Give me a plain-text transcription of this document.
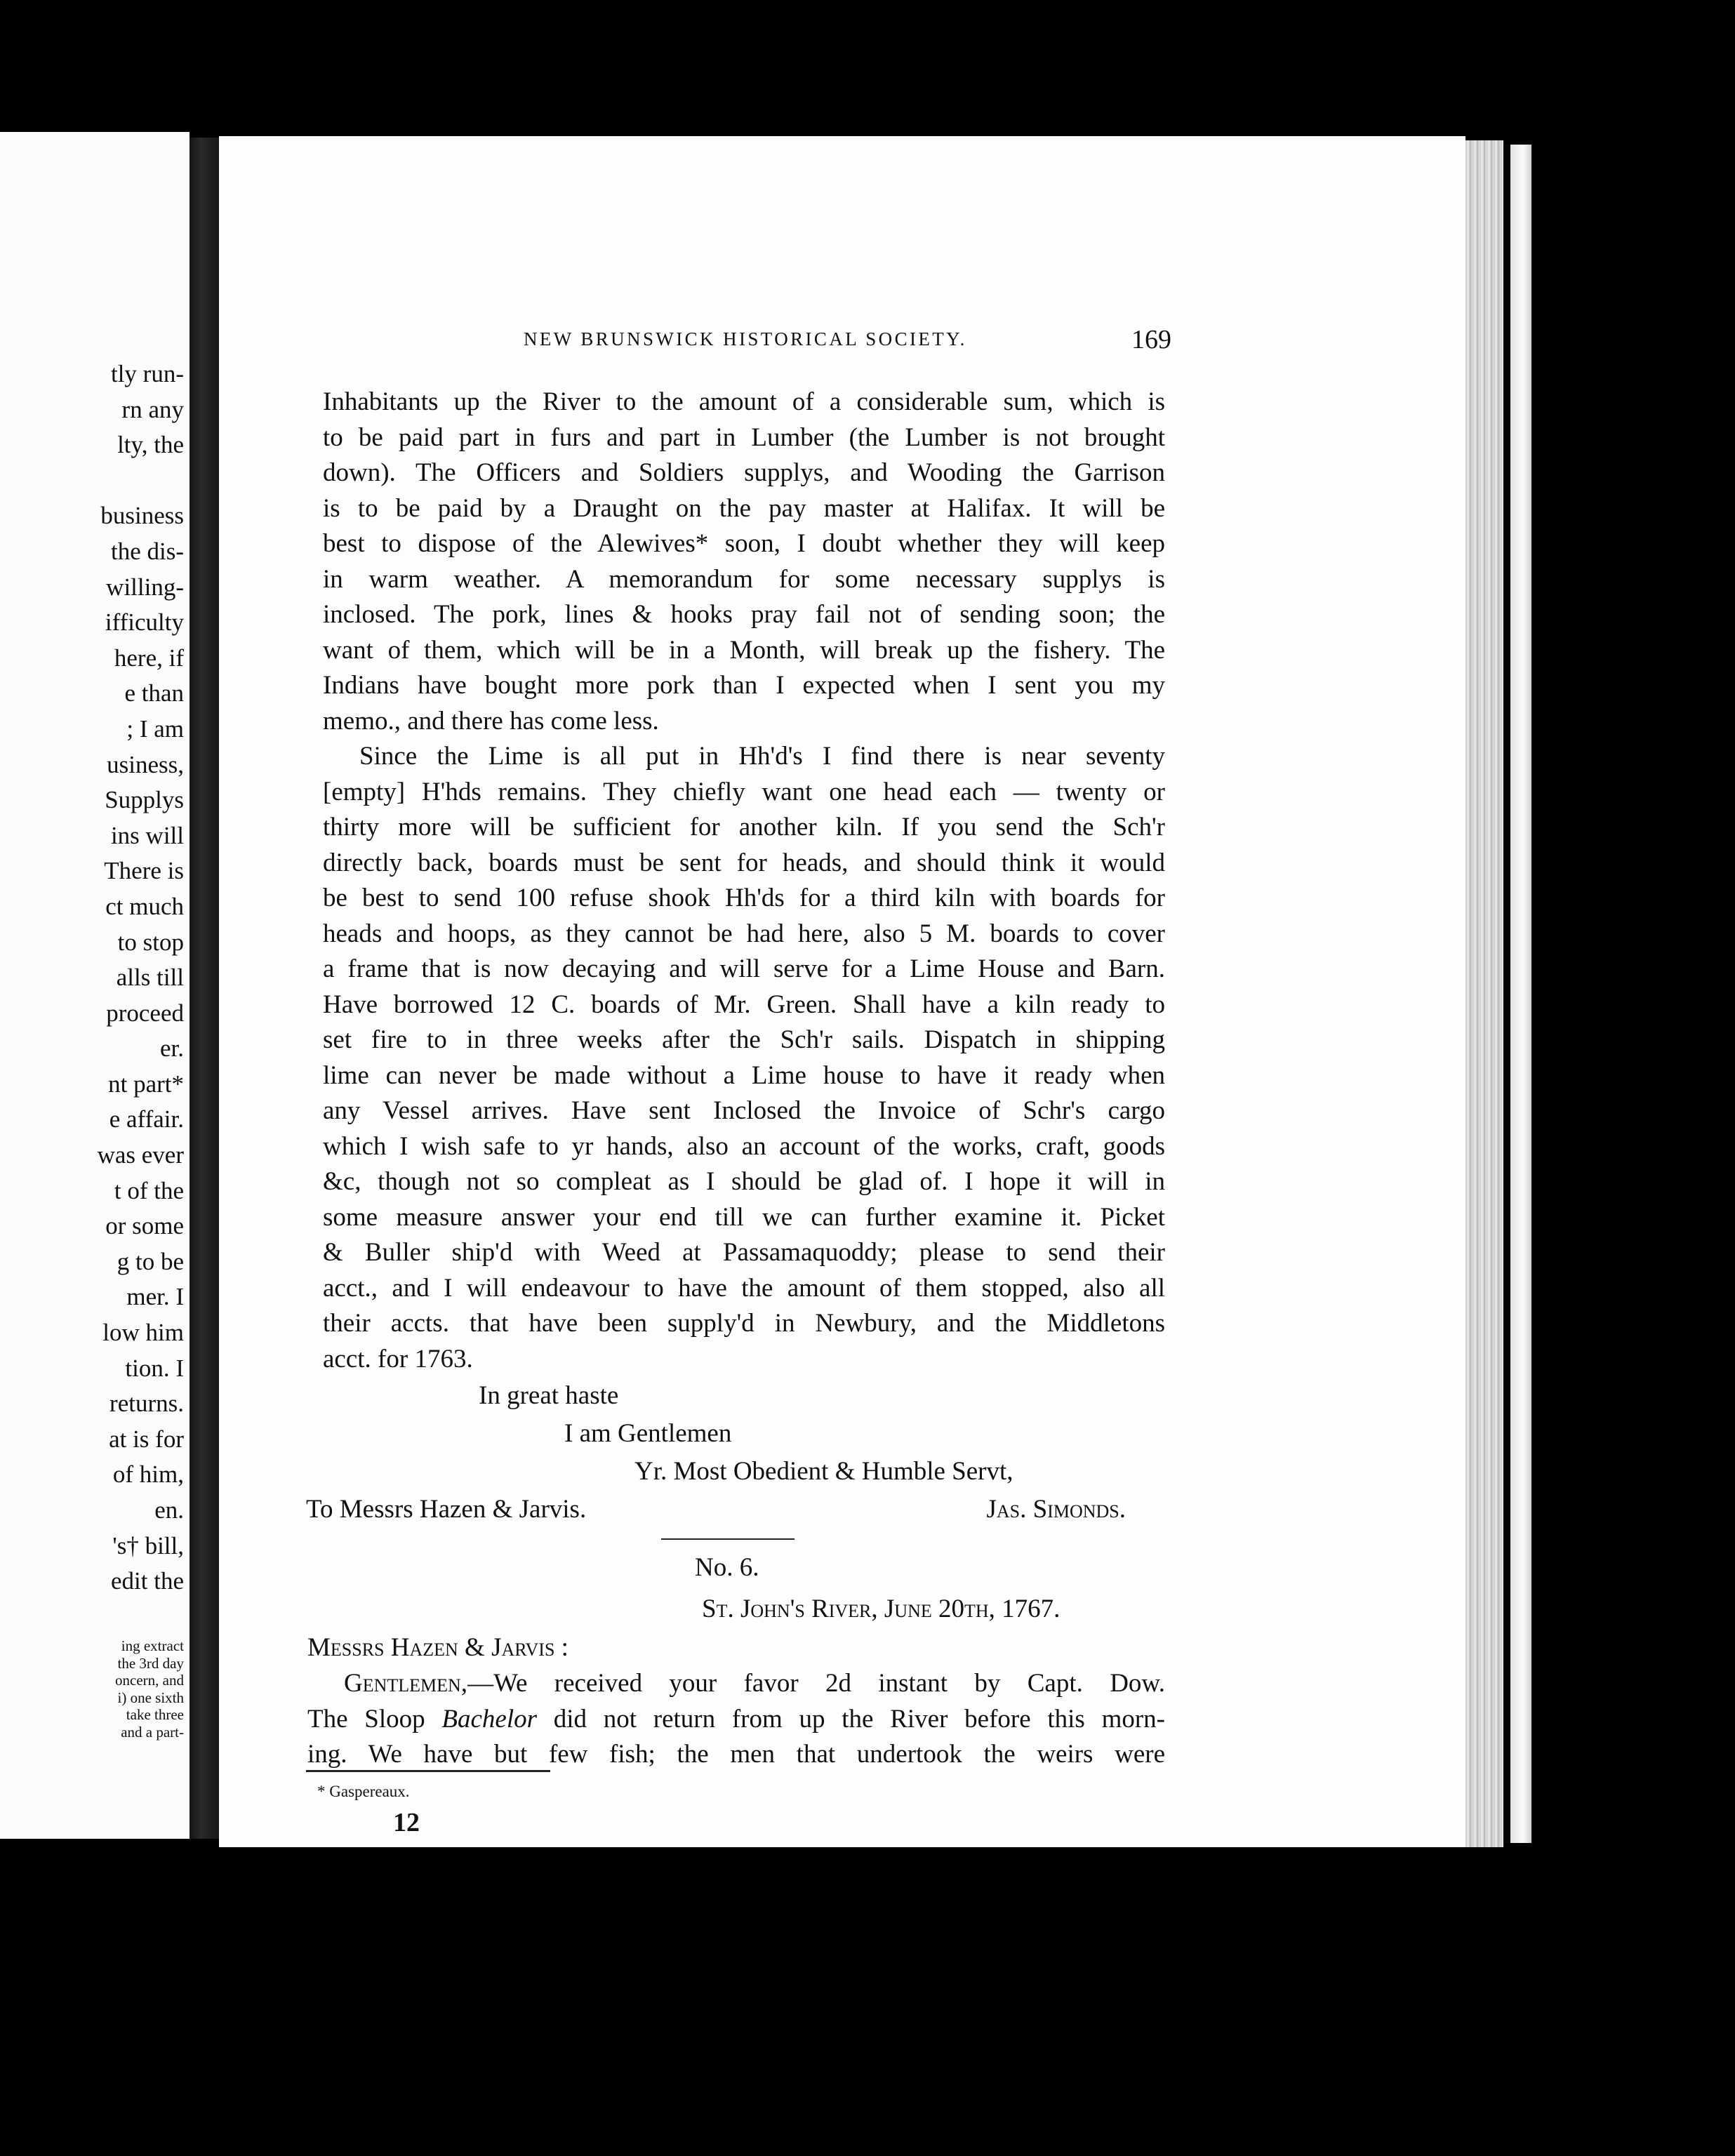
tly run-
rn any
lty, the
business
the dis-
willing-
ifficulty
here, if
e than
; I am
usiness,
Supplys
ins will
There is
ct much
to stop
alls till
proceed
er.
nt part*
e affair.
was ever
t of the
or some
g to be
mer. I
low him
tion. I
returns.
at is for
of him,
en.
's† bill,
edit the
ing extract
the 3rd day
oncern, and
i) one sixth
take three
and a part-
NEW BRUNSWICK HISTORICAL SOCIETY.	169
Inhabitants up the River to the amount of a considerable sum, which is
to be paid part in furs and part in Lumber (the Lumber is not brought
down). The Officers and Soldiers supplys, and Wooding the Garrison
is to be paid by a Draught on the pay master at Halifax. It will be
best to dispose of the Alewives* soon, I doubt whether they will keep
in warm weather. A memorandum for some necessary supplys is
inclosed. The pork, lines & hooks pray fail not of sending soon; the
want of them, which will be in a Month, will break up the fishery. The
Indians have bought more pork than I expected when I sent you my
memo., and there has come less.
Since the Lime is all put in Hh'd's I find there is near seventy
[empty] H'hds remains. They chiefly want one head each — twenty or
thirty more will be sufficient for another kiln. If you send the Sch'r
directly back, boards must be sent for heads, and should think it would
be best to send 100 refuse shook Hh'ds for a third kiln with boards for
heads and hoops, as they cannot be had here, also 5 M. boards to cover
a frame that is now decaying and will serve for a Lime House and Barn.
Have borrowed 12 C. boards of Mr. Green. Shall have a kiln ready to
set fire to in three weeks after the Sch'r sails. Dispatch in shipping
lime can never be made without a Lime house to have it ready when
any Vessel arrives. Have sent Inclosed the Invoice of Schr's cargo
which I wish safe to yr hands, also an account of the works, craft, goods
&c, though not so compleat as I should be glad of. I hope it will in
some measure answer your end till we can further examine it. Picket
& Buller ship'd with Weed at Passamaquoddy; please to send their
acct., and I will endeavour to have the amount of them stopped, also all
their accts. that have been supply'd in Newbury, and the Middletons
acct. for 1763.
In great haste
I am Gentlemen
Yr. Most Obedient & Humble Servt,
To Messrs Hazen & Jarvis.	Jas. Simonds.
No. 6.
St. John's River, June 20th, 1767.
Messrs Hazen & Jarvis :
Gentlemen,—We received your favor 2d instant by Capt. Dow.
The Sloop Bachelor did not return from up the River before this morn-
ing. We have but few fish; the men that undertook the weirs were
* Gaspereaux.
12
